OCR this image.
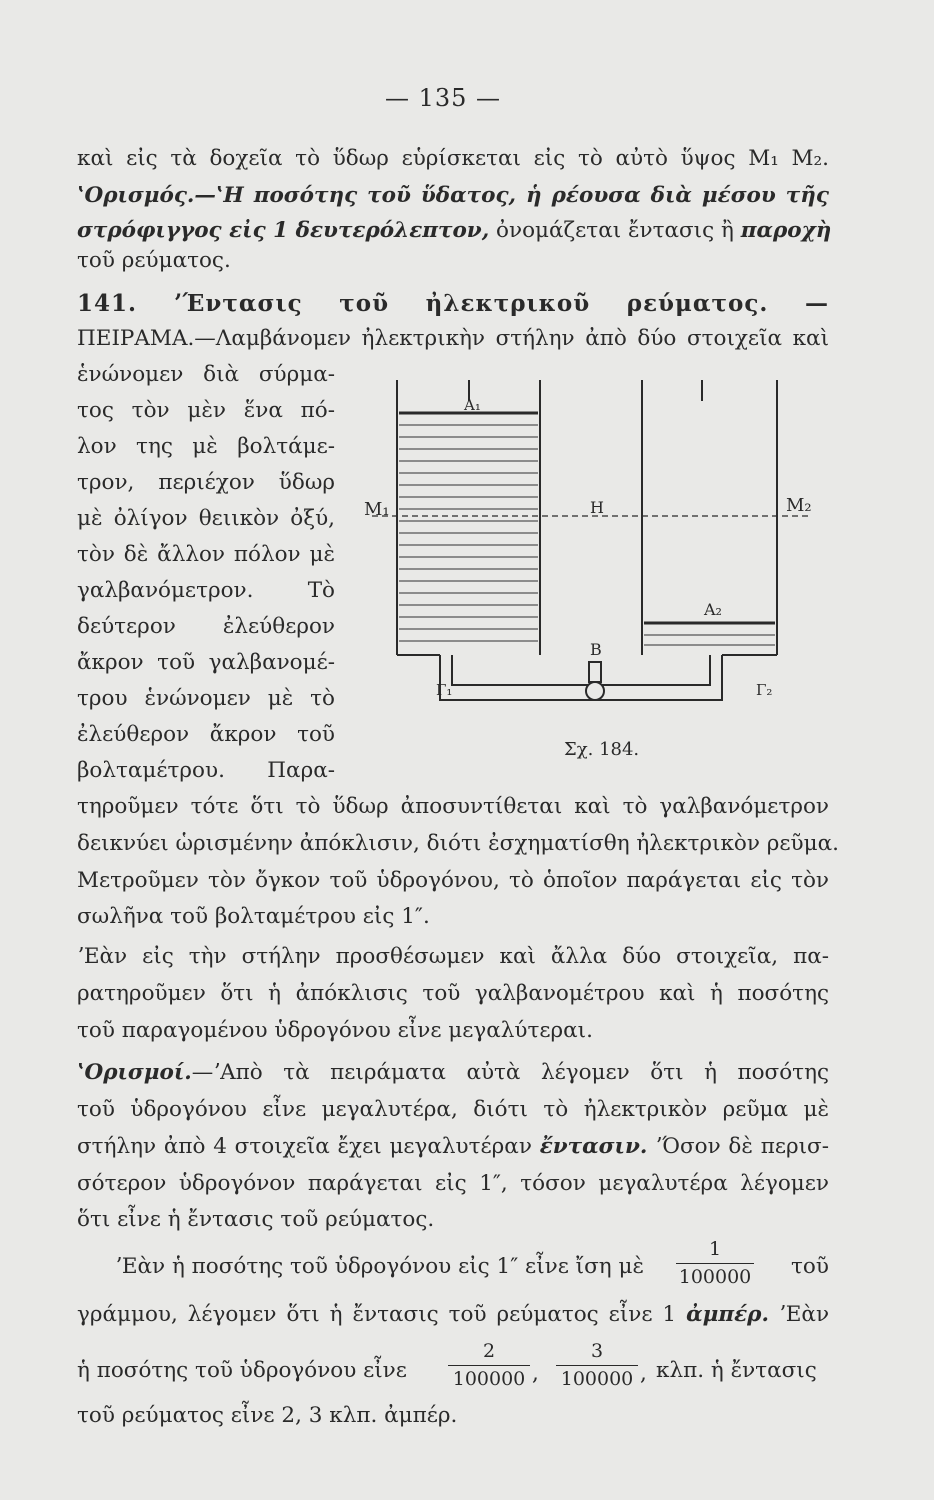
— 135 —
καὶ εἰς τὰ δοχεῖα τὸ ὕδωρ εὑρίσκεται εἰς τὸ αὐτὸ ὕψος M₁ M₂.
ʽΟρισμός.—ʽΗ ποσότης τοῦ ὕδατος, ἡ ρέουσα διὰ μέσου τῆς
στρόφιγγος εἰς 1 δευτερόλεπτον, ὀνομάζεται ἔντασις ἢ παροχὴ
τοῦ ρεύματος.
141. ʼΈντασις τοῦ ἠλεκτρικοῦ ρεύματος. —
ΠΕΙΡΑΜΑ.—Λαμβάνομεν ἠλεκτρικὴν στήλην ἀπὸ δύο στοιχεῖα καὶ
ἑνώνομεν διὰ σύρμα-
τος τὸν μὲν ἕνα πό-
λον της μὲ βολτάμε-
τρον, περιέχον ὕδωρ
μὲ ὀλίγον θειικὸν ὀξύ,
τὸν δὲ ἄλλον πόλον μὲ
γαλβανόμετρον. Τὸ
δεύτερον ἐλεύθερον
ἄκρον τοῦ γαλβανομέ-
τρου ἑνώνομεν μὲ τὸ
ἐλεύθερον ἄκρον τοῦ
βολταμέτρου. Παρα-
A₁
A₂
M₁	M₂
H
B
Γ₁	Γ₂
Σχ. 184.
τηροῦμεν τότε ὅτι τὸ ὕδωρ ἀποσυντίθεται καὶ τὸ γαλβανόμετρον
δεικνύει ὡρισμένην ἀπόκλισιν, διότι ἐσχηματίσθη ἠλεκτρικὸν ρεῦμα.
Μετροῦμεν τὸν ὄγκον τοῦ ὑδρογόνου, τὸ ὁποῖον παράγεται εἰς τὸν
σωλῆνα τοῦ βολταμέτρου εἰς 1″.
ʼΕὰν εἰς τὴν στήλην προσθέσωμεν καὶ ἄλλα δύο στοιχεῖα, πα-
ρατηροῦμεν ὅτι ἡ ἀπόκλισις τοῦ γαλβανομέτρου καὶ ἡ ποσότης
τοῦ παραγομένου ὑδρογόνου εἶνε μεγαλύτεραι.
ʽΟρισμοί.—ʼΑπὸ τὰ πειράματα αὐτὰ λέγομεν ὅτι ἡ ποσότης
τοῦ ὑδρογόνου εἶνε μεγαλυτέρα, διότι τὸ ἠλεκτρικὸν ρεῦμα μὲ
στήλην ἀπὸ 4 στοιχεῖα ἔχει μεγαλυτέραν ἔντασιν. ʼΌσον δὲ περισ-
σότερον ὑδρογόνον παράγεται εἰς 1″, τόσον μεγαλυτέρα λέγομεν
ὅτι εἶνε ἡ ἔντασις τοῦ ρεύματος.
ʼΕὰν ἡ ποσότης τοῦ ὑδρογόνου εἰς 1″ εἶνε ἴση μὲ
1
100000 τοῦ
γράμμου, λέγομεν ὅτι ἡ ἔντασις τοῦ ρεύματος εἶνε 1 ἀμπέρ. ʼΕὰν
ἡ ποσότης τοῦ ὑδρογόνου εἶνε
2
100000 ,
3
100000 , κλπ. ἡ ἔντασις
τοῦ ρεύματος εἶνε 2, 3 κλπ. ἀμπέρ.
